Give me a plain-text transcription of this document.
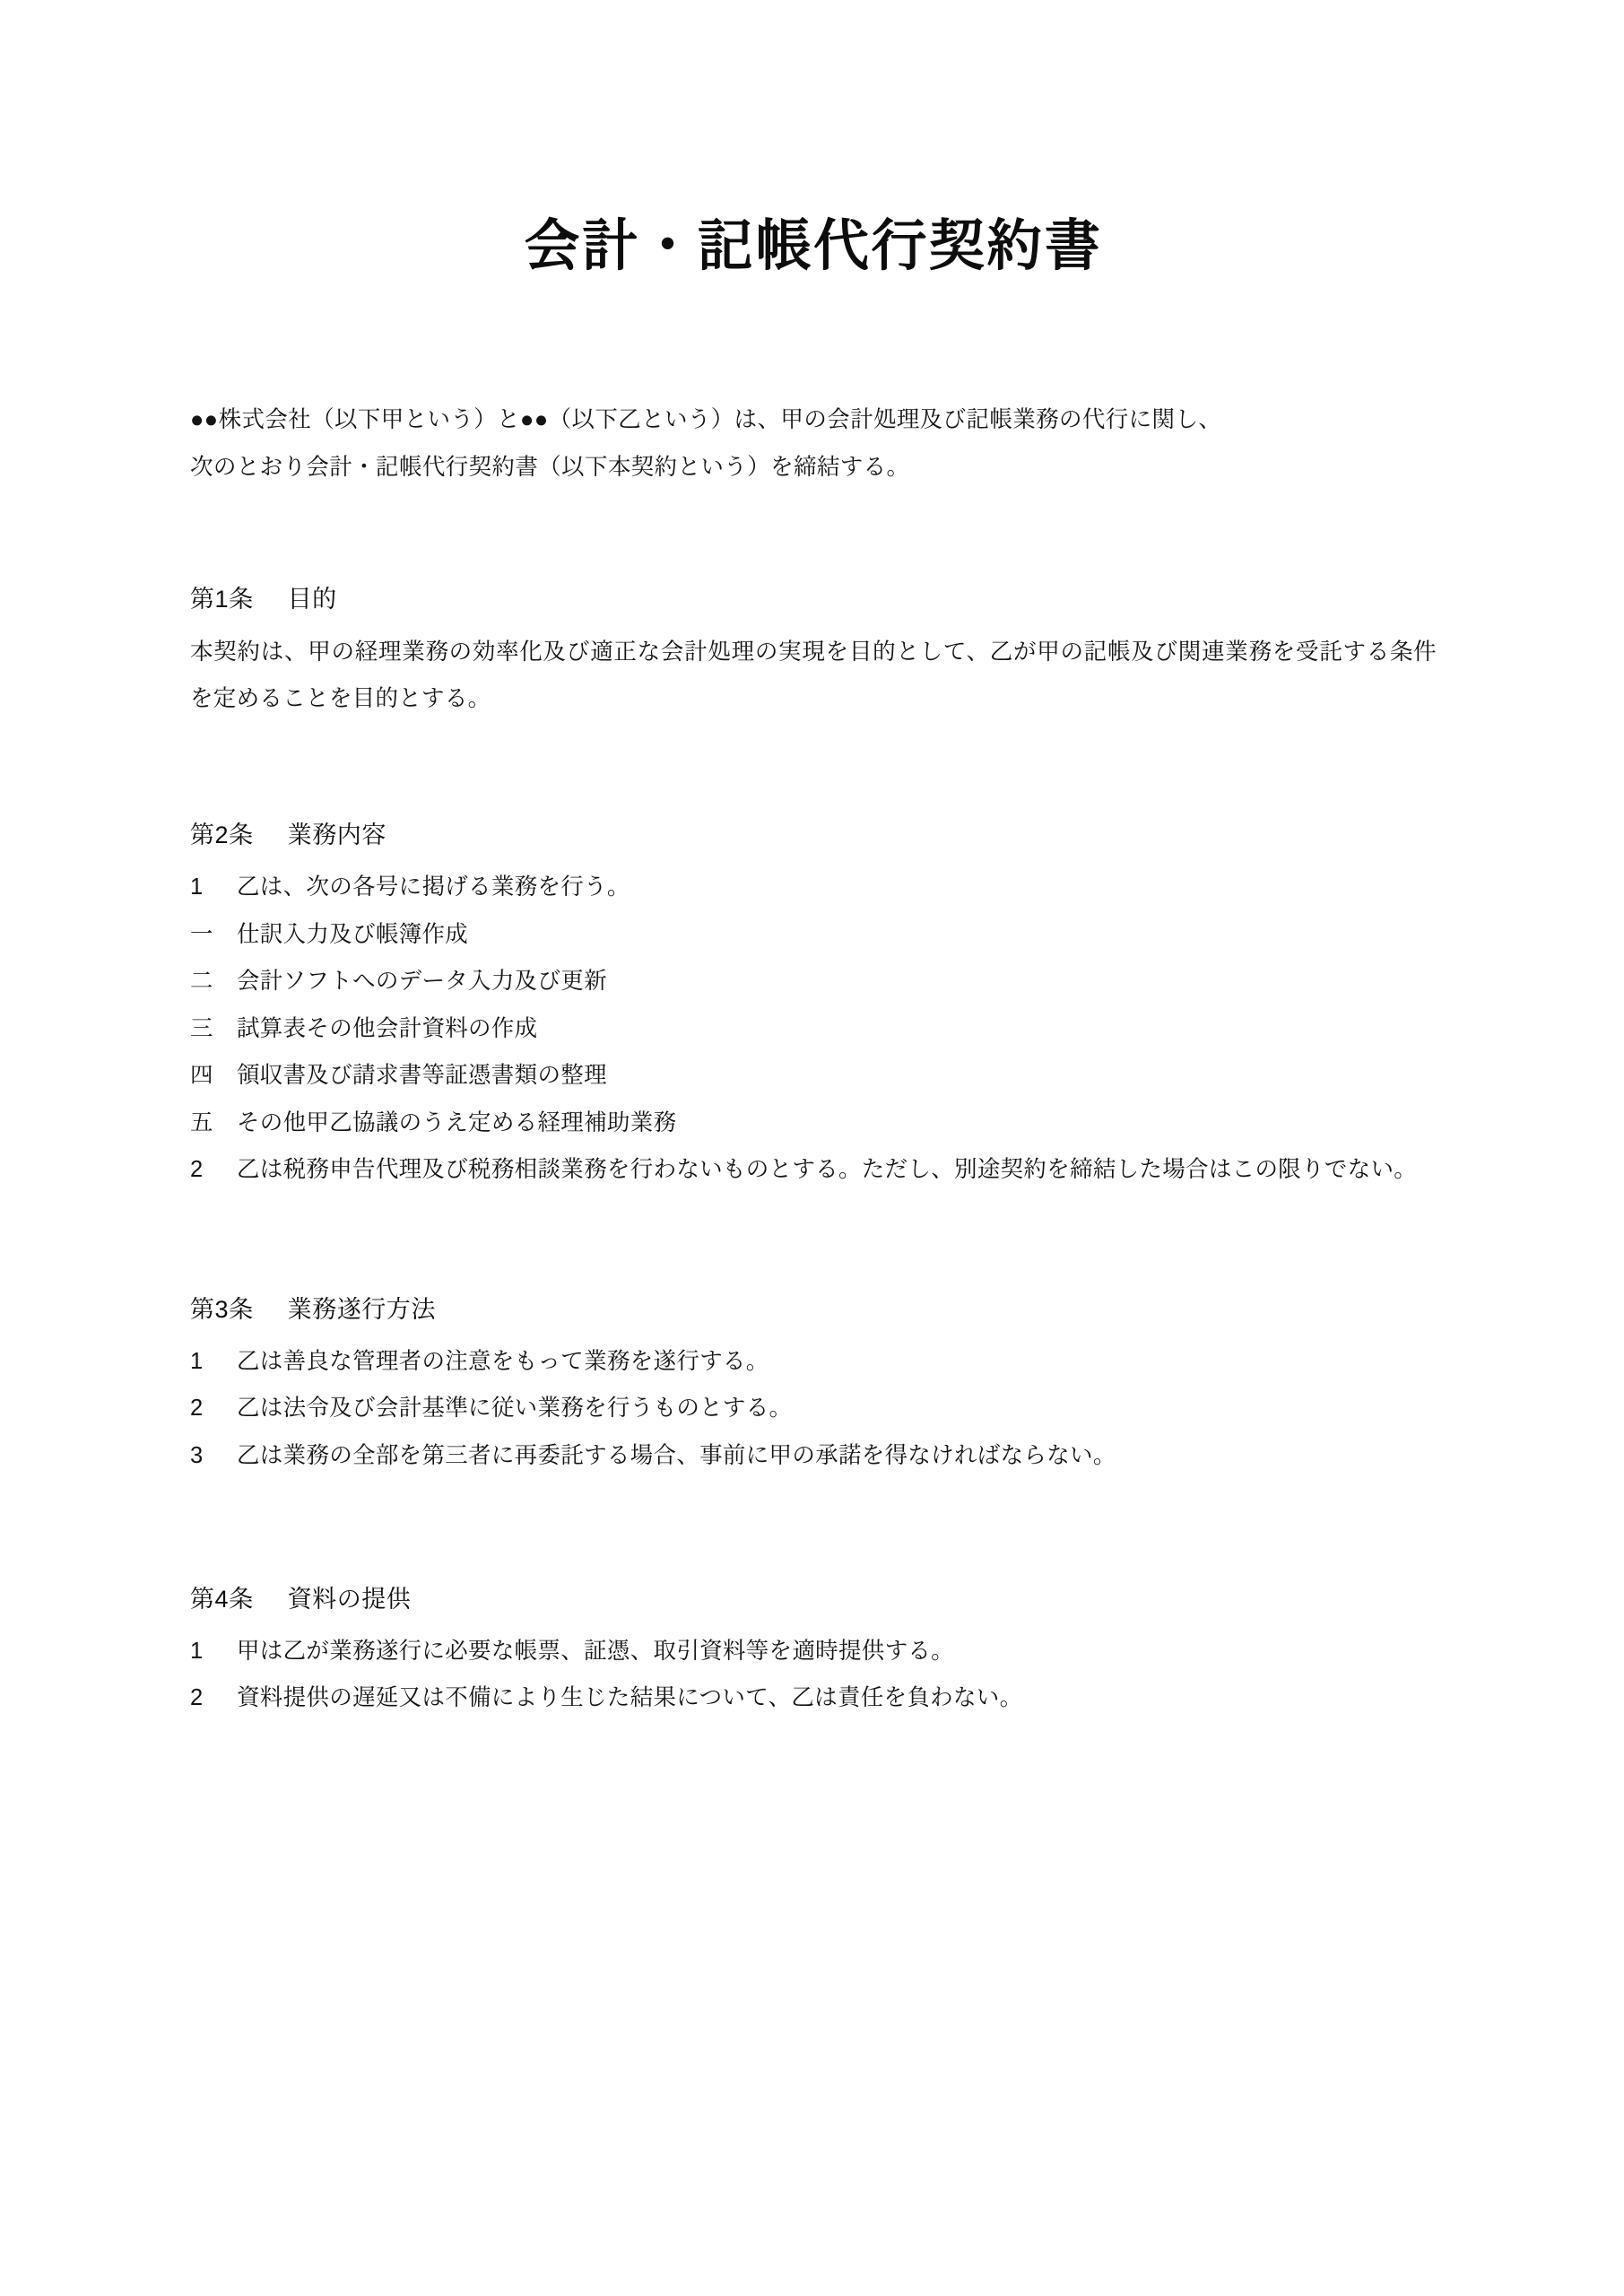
会計・記帳代行契約書

●●株式会社（以下甲という）と●●（以下乙という）は、甲の会計処理及び記帳業務の代行に関し、

次のとおり会計・記帳代行契約書（以下本契約という）を締結する。

第1条 目的

本契約は、甲の経理業務の効率化及び適正な会計処理の実現を目的として、乙が甲の記帳及び関連業務を受託する条件を定めることを目的とする。

第2条 業務内容

1 乙は、次の各号に掲げる業務を行う。

一 仕訳入力及び帳簿作成

二 会計ソフトへのデータ入力及び更新

三 試算表その他会計資料の作成

四 領収書及び請求書等証憑書類の整理

五 その他甲乙協議のうえ定める経理補助業務

2 乙は税務申告代理及び税務相談業務を行わないものとする。ただし、別途契約を締結した場合はこの限りでない。

第3条 業務遂行方法

1 乙は善良な管理者の注意をもって業務を遂行する。

2 乙は法令及び会計基準に従い業務を行うものとする。

3 乙は業務の全部を第三者に再委託する場合、事前に甲の承諾を得なければならない。

第4条 資料の提供

1 甲は乙が業務遂行に必要な帳票、証憑、取引資料等を適時提供する。

2 資料提供の遅延又は不備により生じた結果について、乙は責任を負わない。
